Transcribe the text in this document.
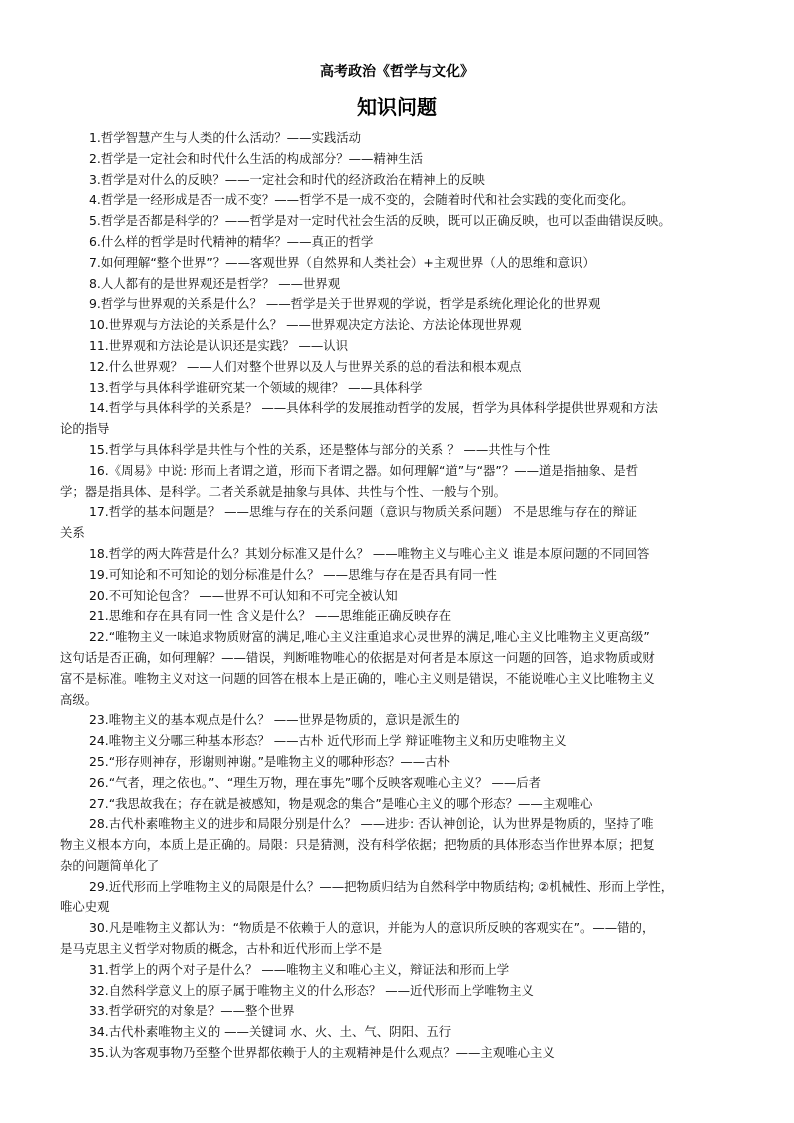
高考政治《哲学与文化》
知识问题
1.哲学智慧产生与人类的什么活动？——实践活动
2.哲学是一定社会和时代什么生活的构成部分？——精神生活
3.哲学是对什么的反映？——一定社会和时代的经济政治在精神上的反映
4.哲学是一经形成是否一成不变？——哲学不是一成不变的，会随着时代和社会实践的变化而变化。
5.哲学是否都是科学的？——哲学是对一定时代社会生活的反映，既可以正确反映，也可以歪曲错误反映。
6.什么样的哲学是时代精神的精华？——真正的哲学
7.如何理解“整个世界”？——客观世界（自然界和人类社会）+主观世界（人的思维和意识）
8.人人都有的是世界观还是哲学？ ——世界观
9.哲学与世界观的关系是什么？ ——哲学是关于世界观的学说，哲学是系统化理论化的世界观
10.世界观与方法论的关系是什么？ ——世界观决定方法论、方法论体现世界观
11.世界观和方法论是认识还是实践？ ——认识
12.什么世界观？ ——人们对整个世界以及人与世界关系的总的看法和根本观点
13.哲学与具体科学谁研究某一个领域的规律？ ——具体科学
14.哲学与具体科学的关系是？ ——具体科学的发展推动哲学的发展，哲学为具体科学提供世界观和方法
论的指导
15.哲学与具体科学是共性与个性的关系，还是整体与部分的关系 ？ ——共性与个性
16.《周易》中说: 形而上者谓之道，形而下者谓之器。如何理解“道”与“器”？——道是指抽象、是哲
学；器是指具体、是科学。二者关系就是抽象与具体、共性与个性、一般与个别。
17.哲学的基本问题是？ ——思维与存在的关系问题（意识与物质关系问题） 不是思维与存在的辩证
关系
18.哲学的两大阵营是什么？其划分标准又是什么？ ——唯物主义与唯心主义 谁是本原问题的不同回答
19.可知论和不可知论的划分标准是什么？ ——思维与存在是否具有同一性
20.不可知论包含？ ——世界不可认知和不可完全被认知
21.思维和存在具有同一性 含义是什么？ ——思维能正确反映存在
22.“唯物主义一味追求物质财富的满足,唯心主义注重追求心灵世界的满足,唯心主义比唯物主义更高级”
这句话是否正确，如何理解？——错误，判断唯物唯心的依据是对何者是本原这一问题的回答，追求物质或财
富不是标准。唯物主义对这一问题的回答在根本上是正确的，唯心主义则是错误，不能说唯心主义比唯物主义
高级。
23.唯物主义的基本观点是什么？ ——世界是物质的，意识是派生的
24.唯物主义分哪三种基本形态？ ——古朴 近代形而上学 辩证唯物主义和历史唯物主义
25.“形存则神存，形谢则神谢。”是唯物主义的哪种形态？——古朴
26.“气者，理之依也。”、“理生万物，理在事先”哪个反映客观唯心主义？ ——后者
27.“我思故我在；存在就是被感知，物是观念的集合”是唯心主义的哪个形态？——主观唯心
28.古代朴素唯物主义的进步和局限分别是什么？ ——进步: 否认神创论，认为世界是物质的，坚持了唯
物主义根本方向，本质上是正确的。局限：只是猜测，没有科学依据；把物质的具体形态当作世界本原；把复
杂的问题简单化了
29.近代形而上学唯物主义的局限是什么？——把物质归结为自然科学中物质结构; ②机械性、形而上学性，
唯心史观
30.凡是唯物主义都认为：“物质是不依赖于人的意识，并能为人的意识所反映的客观实在”。——错的，
是马克思主义哲学对物质的概念，古朴和近代形而上学不是
31.哲学上的两个对子是什么？ ——唯物主义和唯心主义，辩证法和形而上学
32.自然科学意义上的原子属于唯物主义的什么形态？ ——近代形而上学唯物主义
33.哲学研究的对象是？——整个世界
34.古代朴素唯物主义的 ——关键词 水、火、土、气、阴阳、五行
35.认为客观事物乃至整个世界都依赖于人的主观精神是什么观点？——主观唯心主义
